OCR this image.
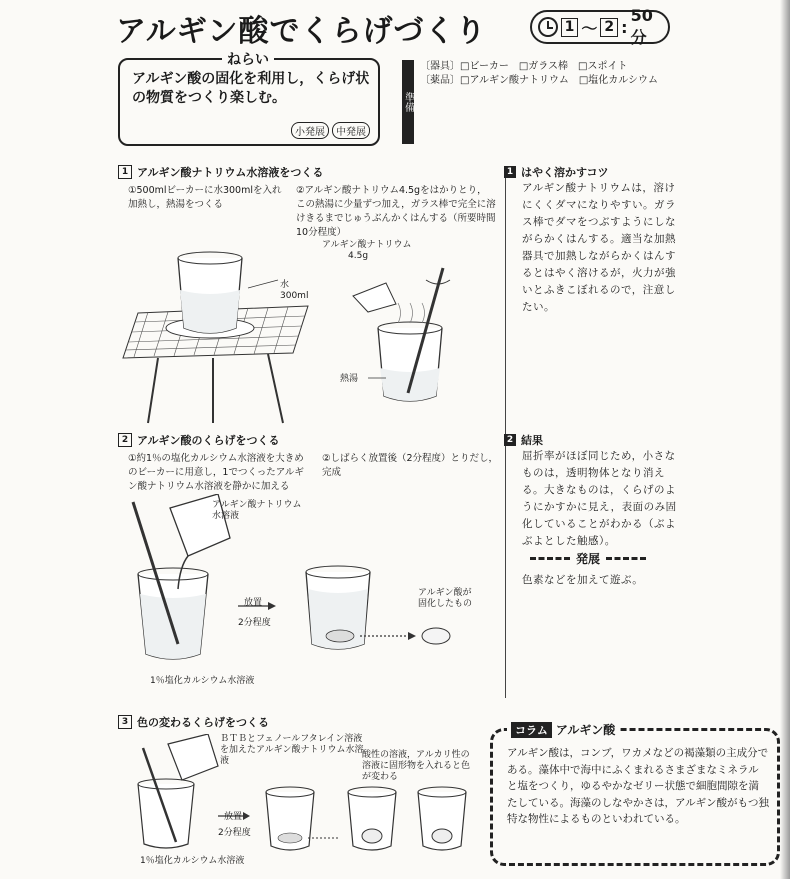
アルギン酸でくらげづくり	1 ～ 2 :
50分
ねらい
アルギン酸の固化を利用し，くらげ状の物質をつくり楽しむ。
小発展	中発展
準備
〔器具〕□ビーカー　□ガラス棒　□スポイト
〔薬品〕□アルギン酸ナトリウム　□塩化カルシウム
1 アルギン酸ナトリウム水溶液をつくる
①500mlビーカーに水300mlを入れ加熱し，熱湯をつくる
②アルギン酸ナトリウム4.5gをはかりとり，この熱湯に少量ずつ加え，ガラス棒で完全に溶けきるまでじゅうぶんかくはんする（所要時間10分程度）
水
300ml
アルギン酸ナトリウム
4.5g
熱湯
2 アルギン酸のくらげをつくる
①約1％の塩化カルシウム水溶液を大きめのビーカーに用意し，1でつくったアルギン酸ナトリウム水溶液を静かに加える
②しばらく放置後（2分程度）とりだし，完成
アルギン酸ナトリウム水溶液
放置
2分程度
アルギン酸が固化したもの
1％塩化カルシウム水溶液
3 色の変わるくらげをつくる
ＢＴＢとフェノールフタレイン溶液を加えたアルギン酸ナトリウム水溶液
酸性の溶液，アルカリ性の溶液に固形物を入れると色が変わる
放置
2分程度
1％塩化カルシウム水溶液
1 はやく溶かすコツ
アルギン酸ナトリウムは，溶けにくくダマになりやすい。ガラス棒でダマをつぶすようにしながらかくはんする。適当な加熱器具で加熱しながらかくはんするとはやく溶けるが，火力が強いとふきこぼれるので，注意したい。
2 結果
屈折率がほぼ同じため，小さなものは，透明物体となり消える。大きなものは，くらげのようにかすかに見え，表面のみ固化していることがわかる（ぶよぶよとした触感）。
発展
色素などを加えて遊ぶ。
コラム アルギン酸
アルギン酸は，コンブ，ワカメなどの褐藻類の主成分である。藻体中で海中にふくまれるさまざまなミネラルと塩をつくり，ゆるやかなゼリー状態で細胞間隙を満たしている。海藻のしなやかさは，アルギン酸がもつ独特な物性によるものといわれている。
